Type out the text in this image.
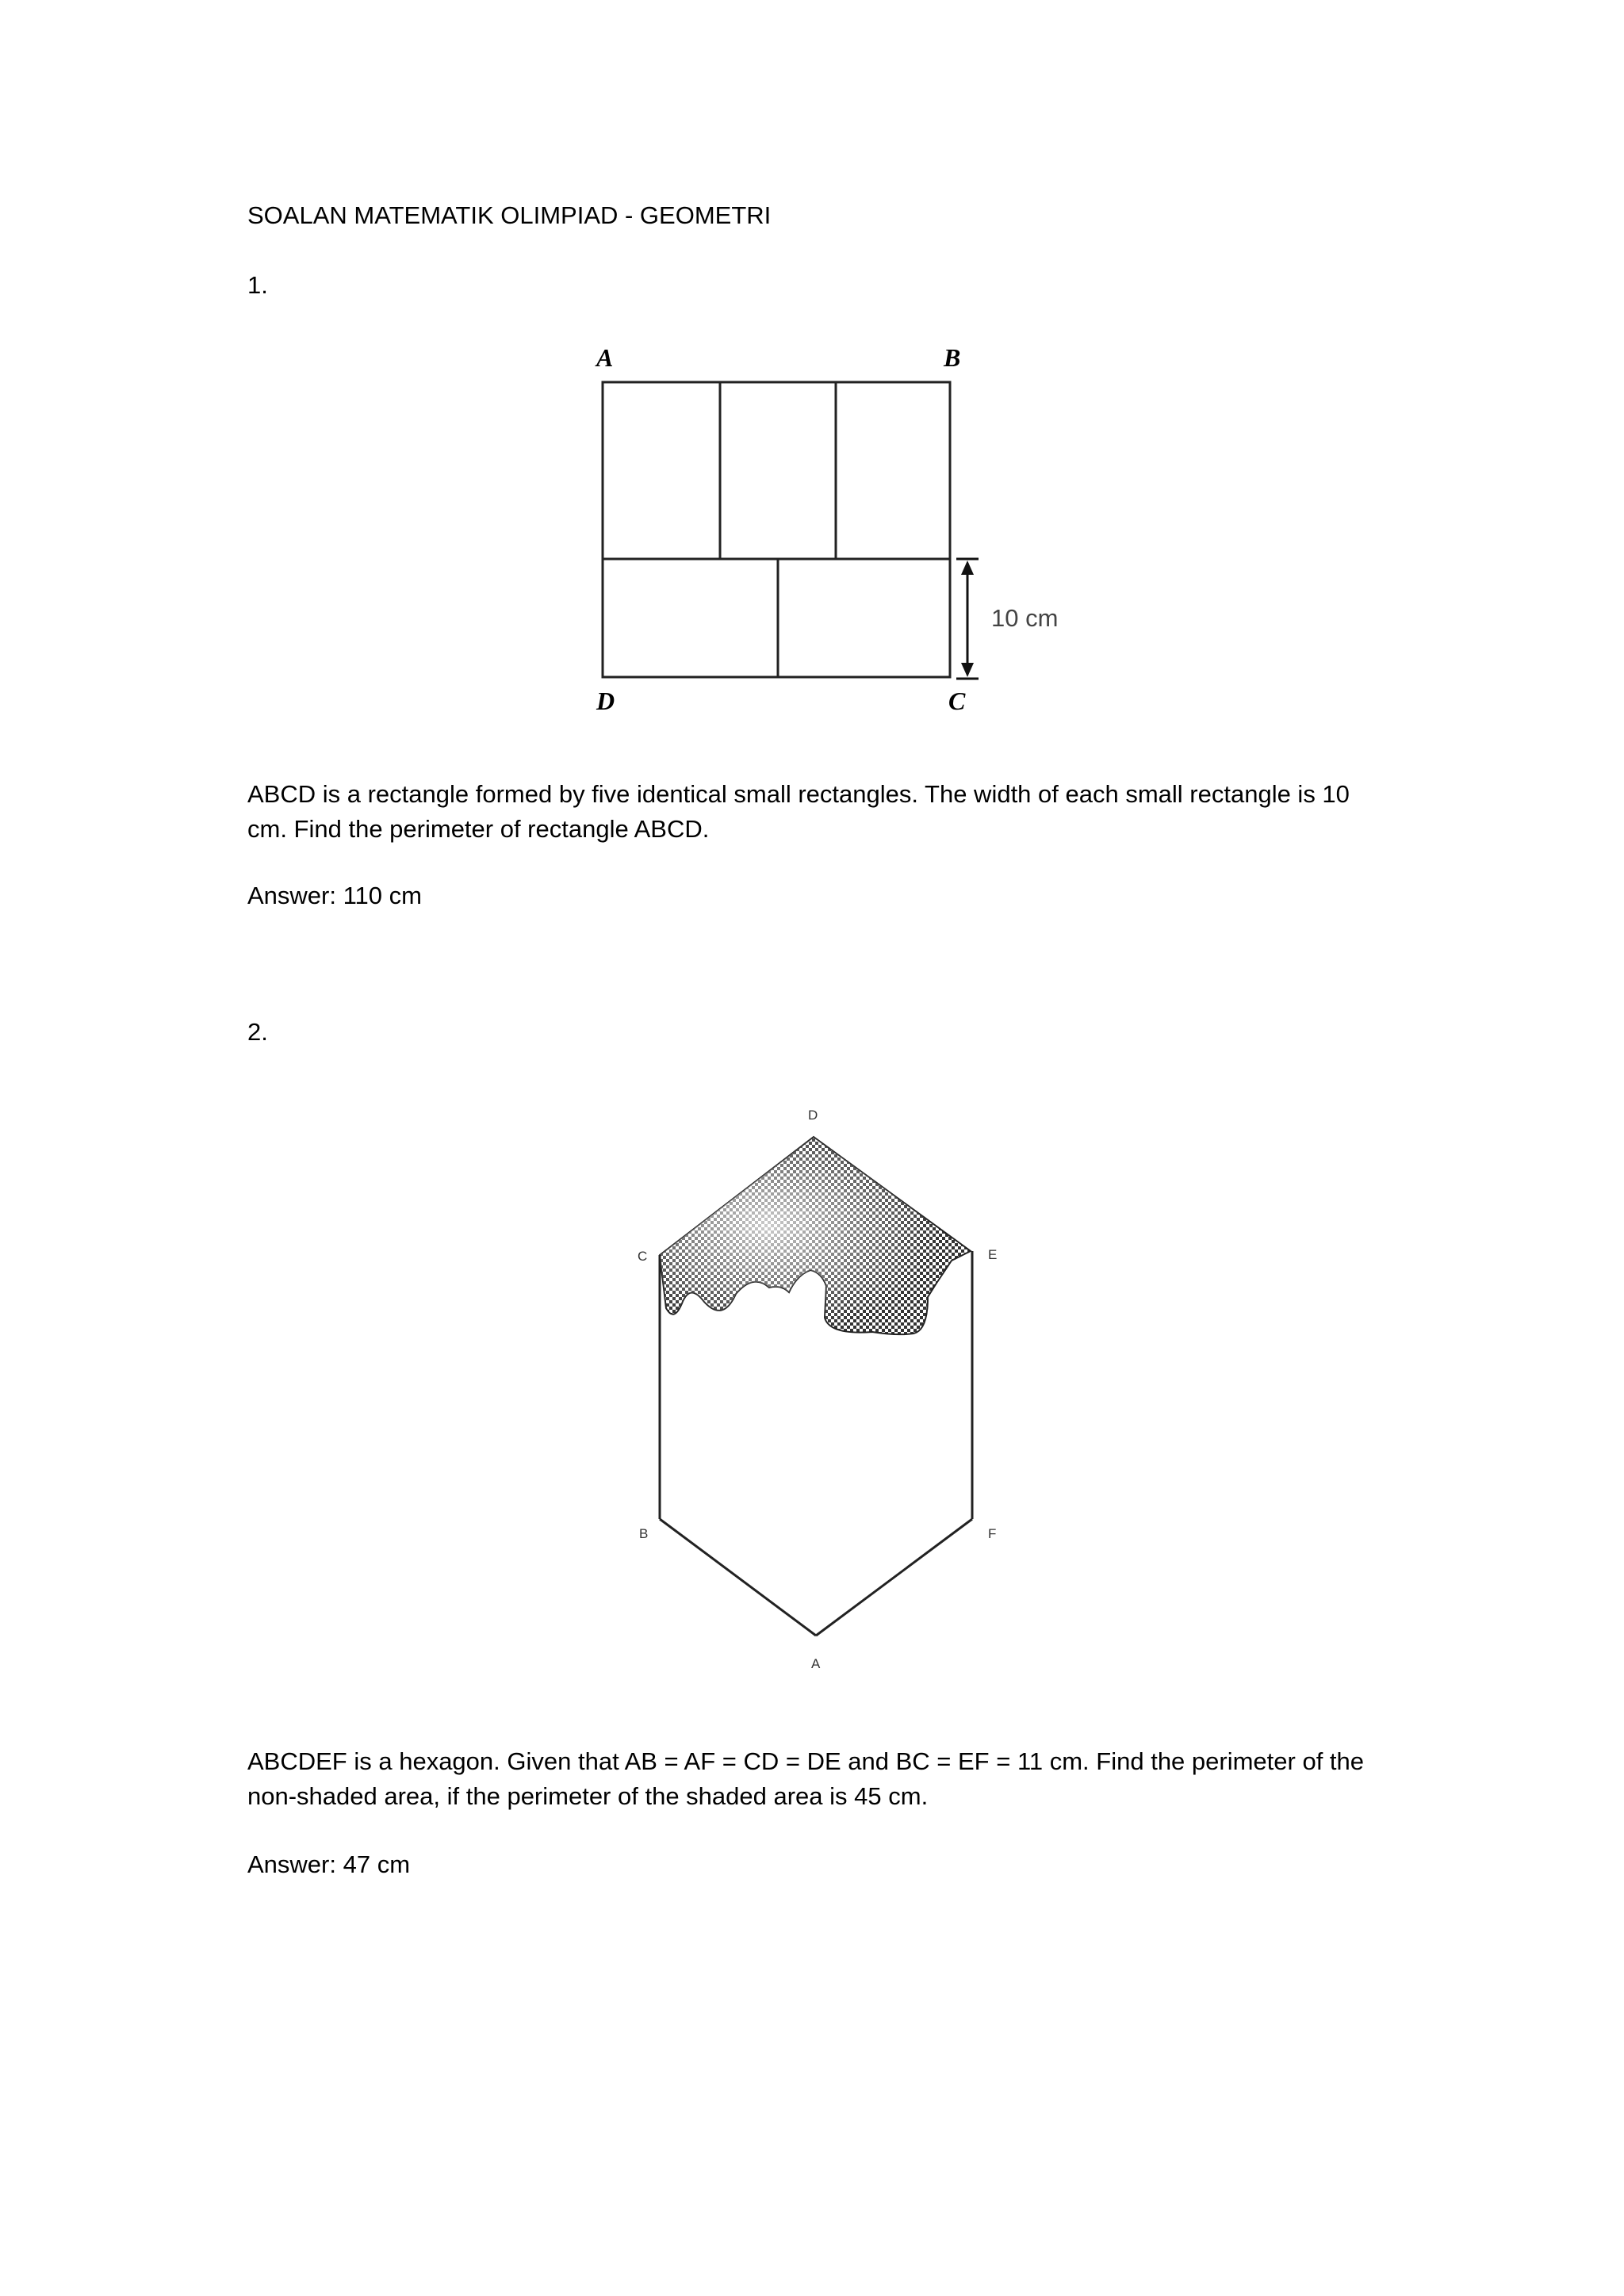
SOALAN MATEMATIK OLIMPIAD - GEOMETRI
1.
A	B
C
D
10 cm
ABCD is a rectangle formed by five identical small rectangles. The width of each small rectangle is 10 cm. Find the perimeter of rectangle ABCD.
Answer: 110 cm
2.
D
C	E
B	F
A
ABCDEF is a hexagon. Given that AB = AF = CD = DE and BC = EF = 11 cm. Find the perimeter of the non-shaded area, if the perimeter of the shaded area is 45 cm.
Answer: 47 cm
